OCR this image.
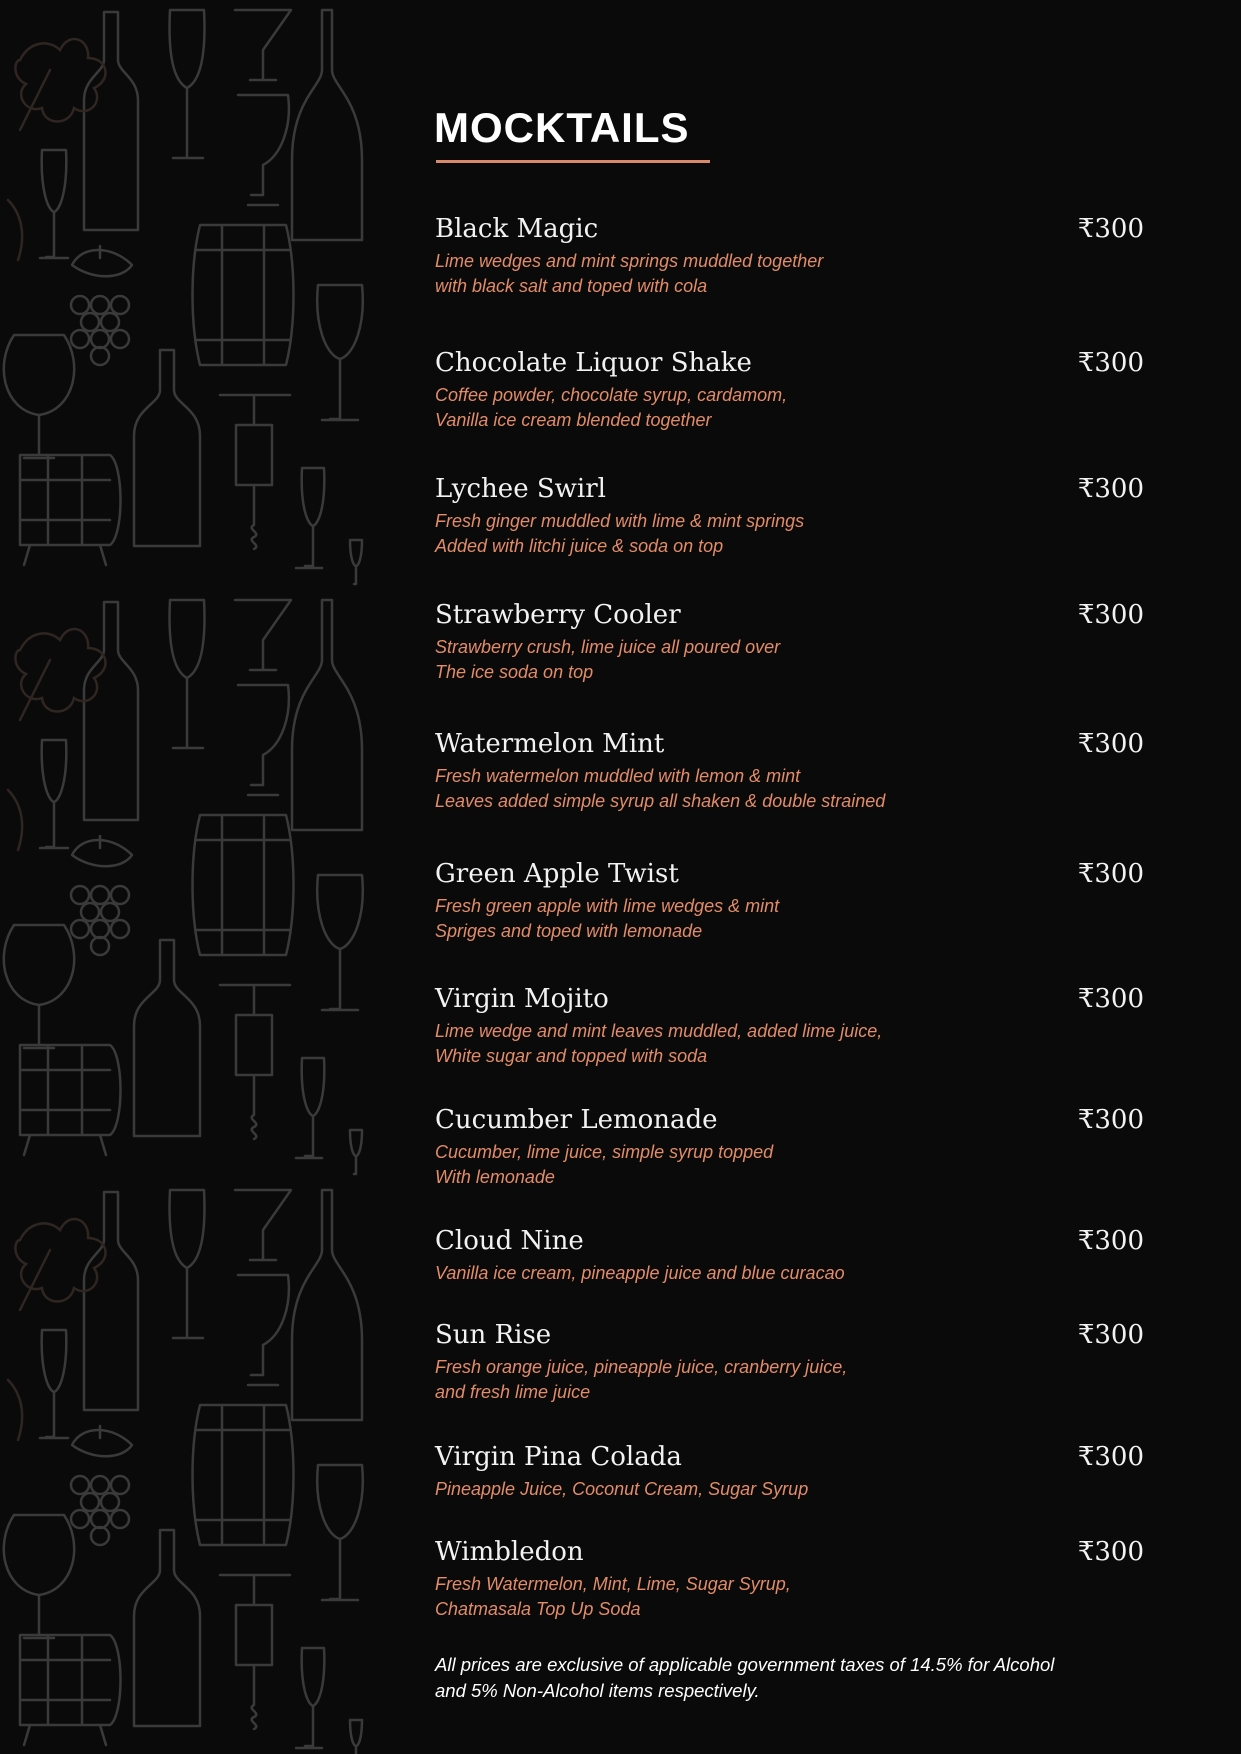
MOCKTAILS
Black Magic	₹300
Lime wedges and mint springs muddled together
with black salt and toped with cola
Chocolate Liquor Shake	₹300
Coffee powder, chocolate syrup, cardamom,
Vanilla ice cream blended together
Lychee Swirl	₹300
Fresh ginger muddled with lime & mint springs
Added with litchi juice & soda on top
Strawberry Cooler	₹300
Strawberry crush, lime juice all poured over
The ice soda on top
Watermelon Mint	₹300
Fresh watermelon muddled with lemon & mint
Leaves added simple syrup all shaken & double strained
Green Apple Twist	₹300
Fresh green apple with lime wedges & mint
Spriges and toped with lemonade
Virgin Mojito	₹300
Lime wedge and mint leaves muddled, added lime juice,
White sugar and topped with soda
Cucumber Lemonade	₹300
Cucumber, lime juice, simple syrup topped
With lemonade
Cloud Nine	₹300
Vanilla ice cream, pineapple juice and blue curacao
Sun Rise	₹300
Fresh orange juice, pineapple juice, cranberry juice,
and fresh lime juice
Virgin Pina Colada	₹300
Pineapple Juice, Coconut Cream, Sugar Syrup
Wimbledon	₹300
Fresh Watermelon, Mint, Lime, Sugar Syrup,
Chatmasala Top Up Soda
All prices are exclusive of applicable government taxes of 14.5% for Alcohol
and 5% Non-Alcohol items respectively.
